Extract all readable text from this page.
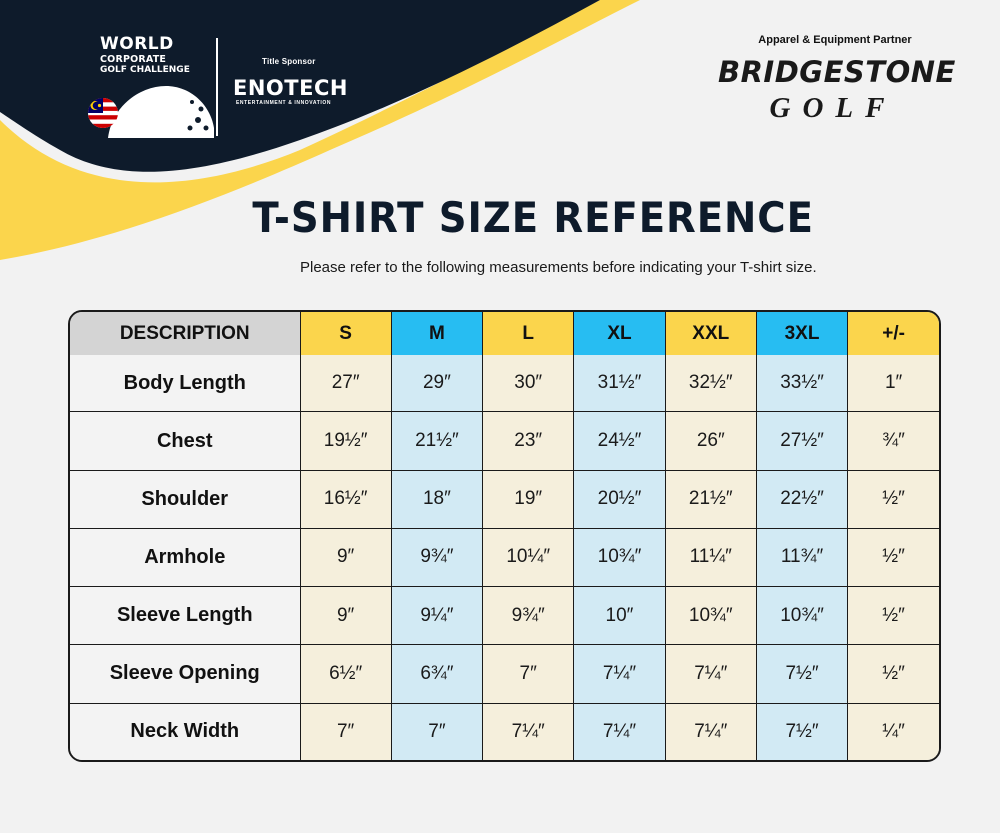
WORLD
CORPORATE
GOLF CHALLENGE
Title Sponsor
ENOTECH
ENTERTAINMENT & INNOVATION
Apparel & Equipment Partner
BRIDGESTONE
GOLF
T-SHIRT SIZE REFERENCE

Please refer to the following measurements before indicating your T-shirt size.

DESCRIPTION	S	M	L	XL	XXL	3XL	+/-
Body Length	27″	29″	30″	31½″	32½″	33½″	1″
Chest	19½″	21½″	23″	24½″	26″	27½″	¾″
Shoulder	16½″	18″	19″	20½″	21½″	22½″	½″
Armhole	9″	9¾″	10¼″	10¾″	11¼″	11¾″	½″
Sleeve Length	9″	9¼″	9¾″	10″	10¾″	10¾″	½″
Sleeve Opening	6½″	6¾″	7″	7¼″	7¼″	7½″	½″
Neck Width	7″	7″	7¼″	7¼″	7¼″	7½″	¼″
